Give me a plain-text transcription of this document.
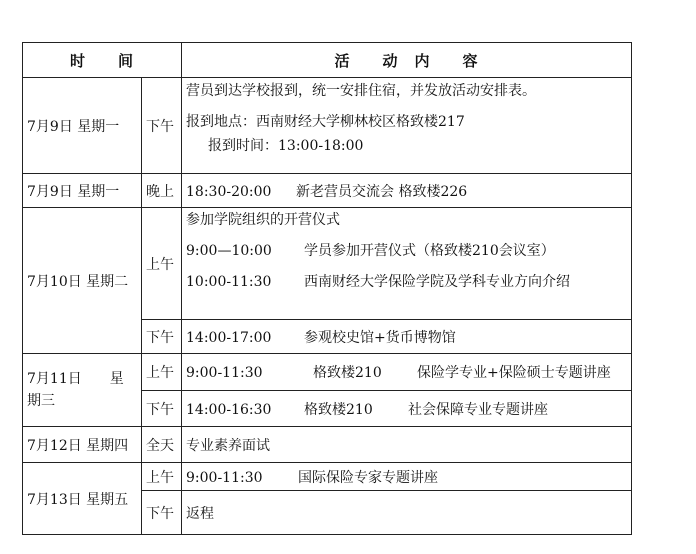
时　　间		活　　动　内　　容
7月9日 星期一	下午	营员到达学校报到，统一安排住宿，并发放活动安排表。
报到地点：西南财经大学柳林校区格致楼217
报到时间：13:00-18:00

7月9日 星期一	晚上	18:30-20:00 新老营员交流会 格致楼226
7月10日 星期二	上午	参加学院组织的开营仪式
9:00—10:00 学员参加开营仪式（格致楼210会议室）
10:00-11:30 西南财经大学保险学院及学科专业方向介绍

	下午	14:00-17:00 参观校史馆+货币博物馆
7月11日　　星期三	上午	9:00-11:30 格致楼210 保险学专业+保险硕士专题讲座
	下午	14:00-16:30 格致楼210 社会保障专业专题讲座
7月12日 星期四	全天	专业素养面试
7月13日 星期五	上午	9:00-11:30 国际保险专家专题讲座
	下午	返程
